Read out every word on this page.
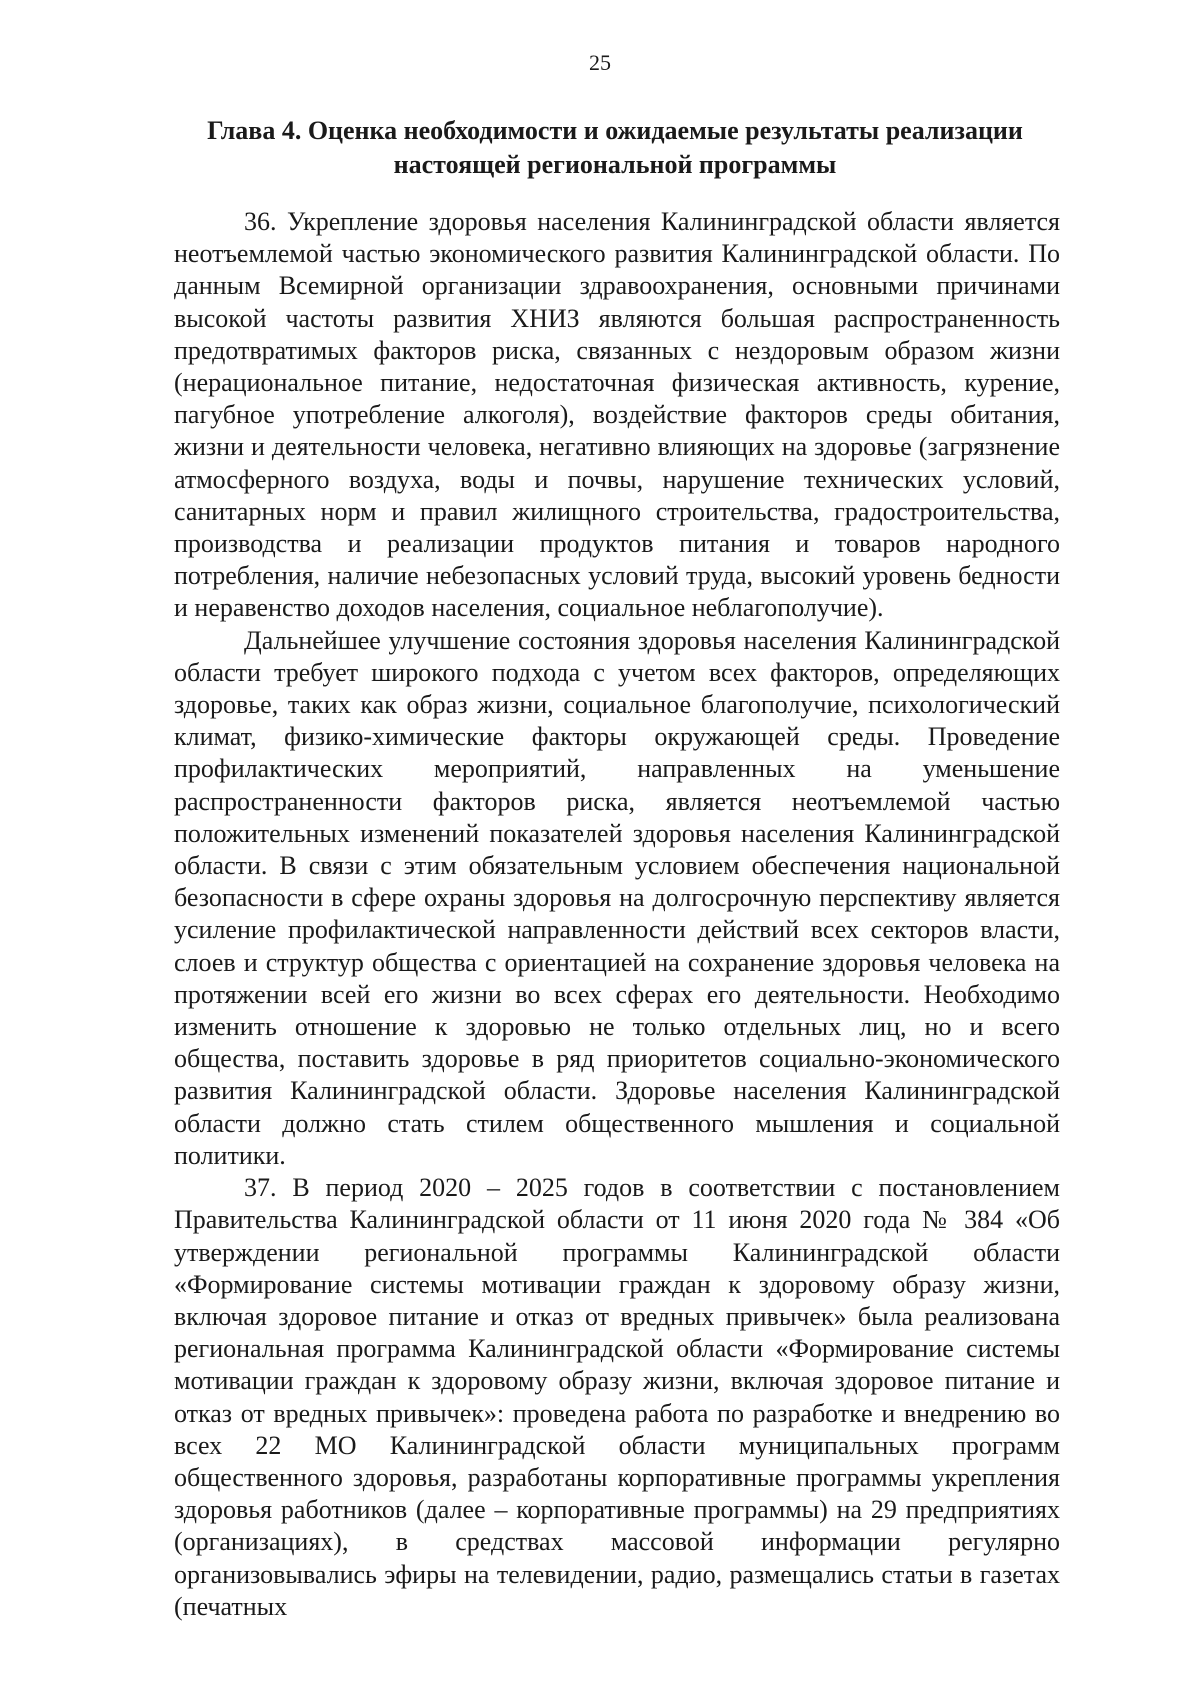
25
Глава 4. Оценка необходимости и ожидаемые результаты реализации настоящей региональной программы

36. Укрепление здоровья населения Калининградской области является неотъемлемой частью экономического развития Калининградской области. По данным Всемирной организации здравоохранения, основными причинами высокой частоты развития ХНИЗ являются большая распространенность предотвратимых факторов риска, связанных с нездоровым образом жизни (нерациональное питание, недостаточная физическая активность, курение, пагубное употребление алкоголя), воздействие факторов среды обитания, жизни и деятельности человека, негативно влияющих на здоровье (загрязнение атмосферного воздуха, воды и почвы, нарушение технических условий, санитарных норм и правил жилищного строительства, градостроительства, производства и реализации продуктов питания и товаров народного потребления, наличие небезопасных условий труда, высокий уровень бедности и неравенство доходов населения, социальное неблагополучие).

Дальнейшее улучшение состояния здоровья населения Калининградской области требует широкого подхода с учетом всех факторов, определяющих здоровье, таких как образ жизни, социальное благополучие, психологический климат, физико-химические факторы окружающей среды. Проведение профилактических мероприятий, направленных на уменьшение распространенности факторов риска, является неотъемлемой частью положительных изменений показателей здоровья населения Калининградской области. В связи с этим обязательным условием обеспечения национальной безопасности в сфере охраны здоровья на долгосрочную перспективу является усиление профилактической направленности действий всех секторов власти, слоев и структур общества с ориентацией на сохранение здоровья человека на протяжении всей его жизни во всех сферах его деятельности. Необходимо изменить отношение к здоровью не только отдельных лиц, но и всего общества, поставить здоровье в ряд приоритетов социально-экономического развития Калининградской области. Здоровье населения Калининградской области должно стать стилем общественного мышления и социальной политики.

37. В период 2020 – 2025 годов в соответствии с постановлением Правительства Калининградской области от 11 июня 2020 года № 384 «Об утверждении региональной программы Калининградской области «Формирование системы мотивации граждан к здоровому образу жизни, включая здоровое питание и отказ от вредных привычек» была реализована региональная программа Калининградской области «Формирование системы мотивации граждан к здоровому образу жизни, включая здоровое питание и отказ от вредных привычек»: проведена работа по разработке и внедрению во всех 22 МО Калининградской области муниципальных программ общественного здоровья, разработаны корпоративные программы укрепления здоровья работников (далее – корпоративные программы) на 29 предприятиях (организациях), в средствах массовой информации регулярно организовывались эфиры на телевидении, радио, размещались статьи в газетах (печатных
